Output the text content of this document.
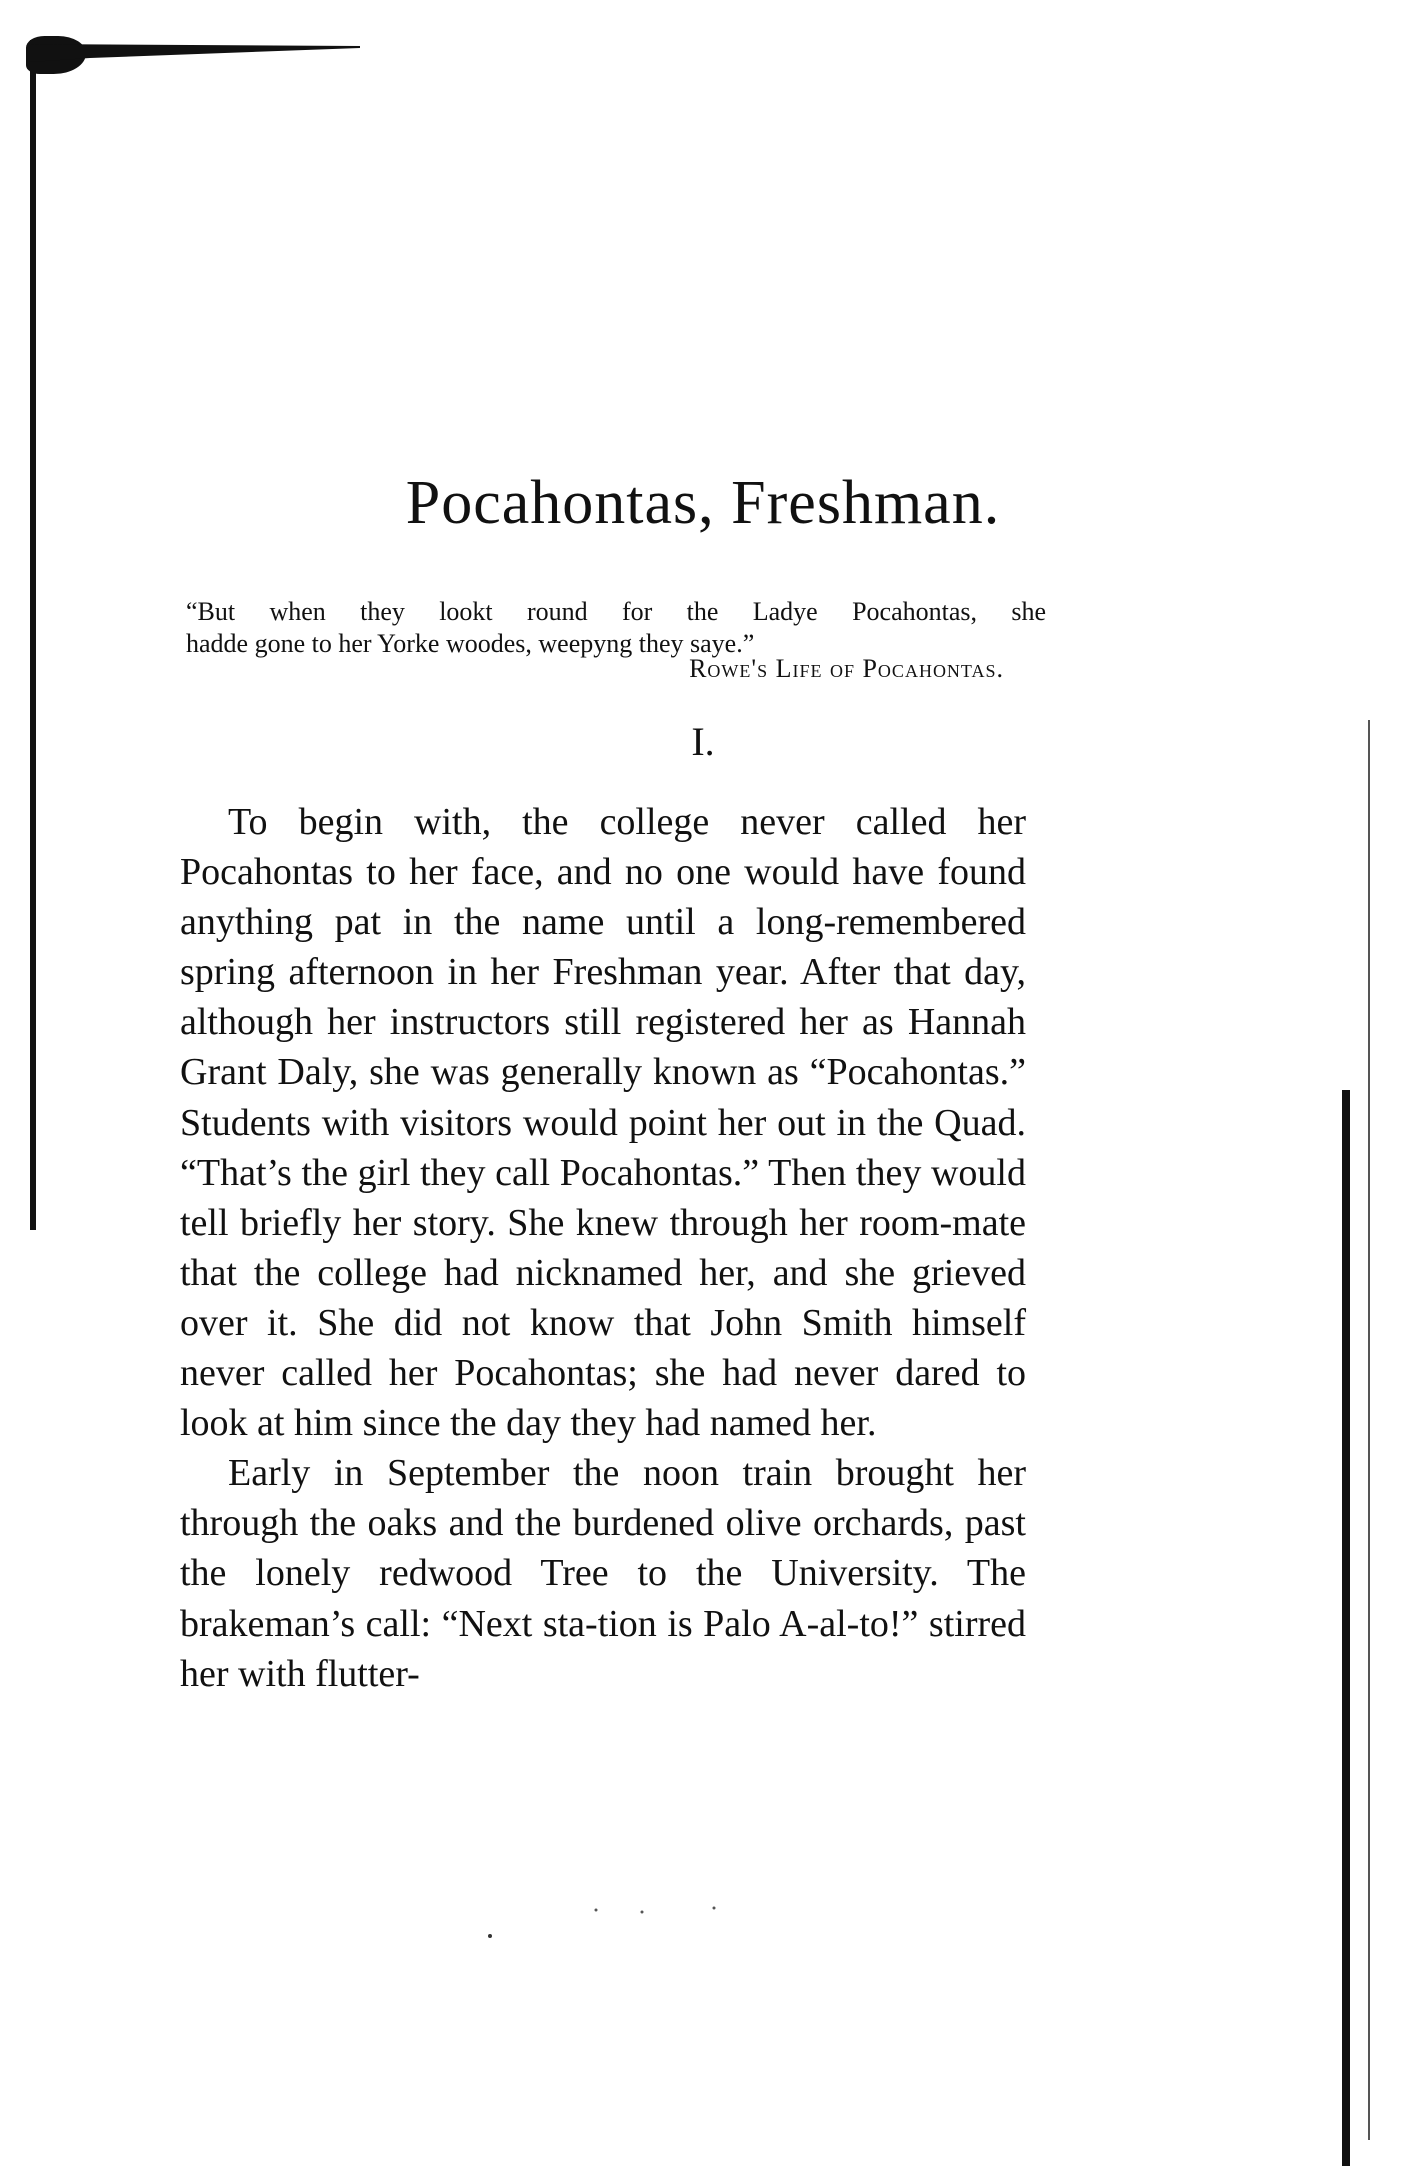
Pocahontas, Freshman.

“But when they lookt round for the Ladye Pocahontas, she

hadde gone to her Yorke woodes, weepyng they saye.”

Rowe's Life of Pocahontas.
I.

To begin with, the college never called her Pocahontas to her face, and no one would have found anything pat in the name until a long-remembered spring afternoon in her Freshman year. After that day, although her instructors still registered her as Hannah Grant Daly, she was generally known as “Pocahontas.” Students with visitors would point her out in the Quad. “That’s the girl they call Pocahontas.” Then they would tell briefly her story. She knew through her room-mate that the college had nicknamed her, and she grieved over it. She did not know that John Smith himself never called her Pocahontas; she had never dared to look at him since the day they had named her.

Early in September the noon train brought her through the oaks and the burdened olive orchards, past the lonely redwood Tree to the University. The brakeman’s call: “Next sta-tion is Palo A-al-to!” stirred her with flutter-
